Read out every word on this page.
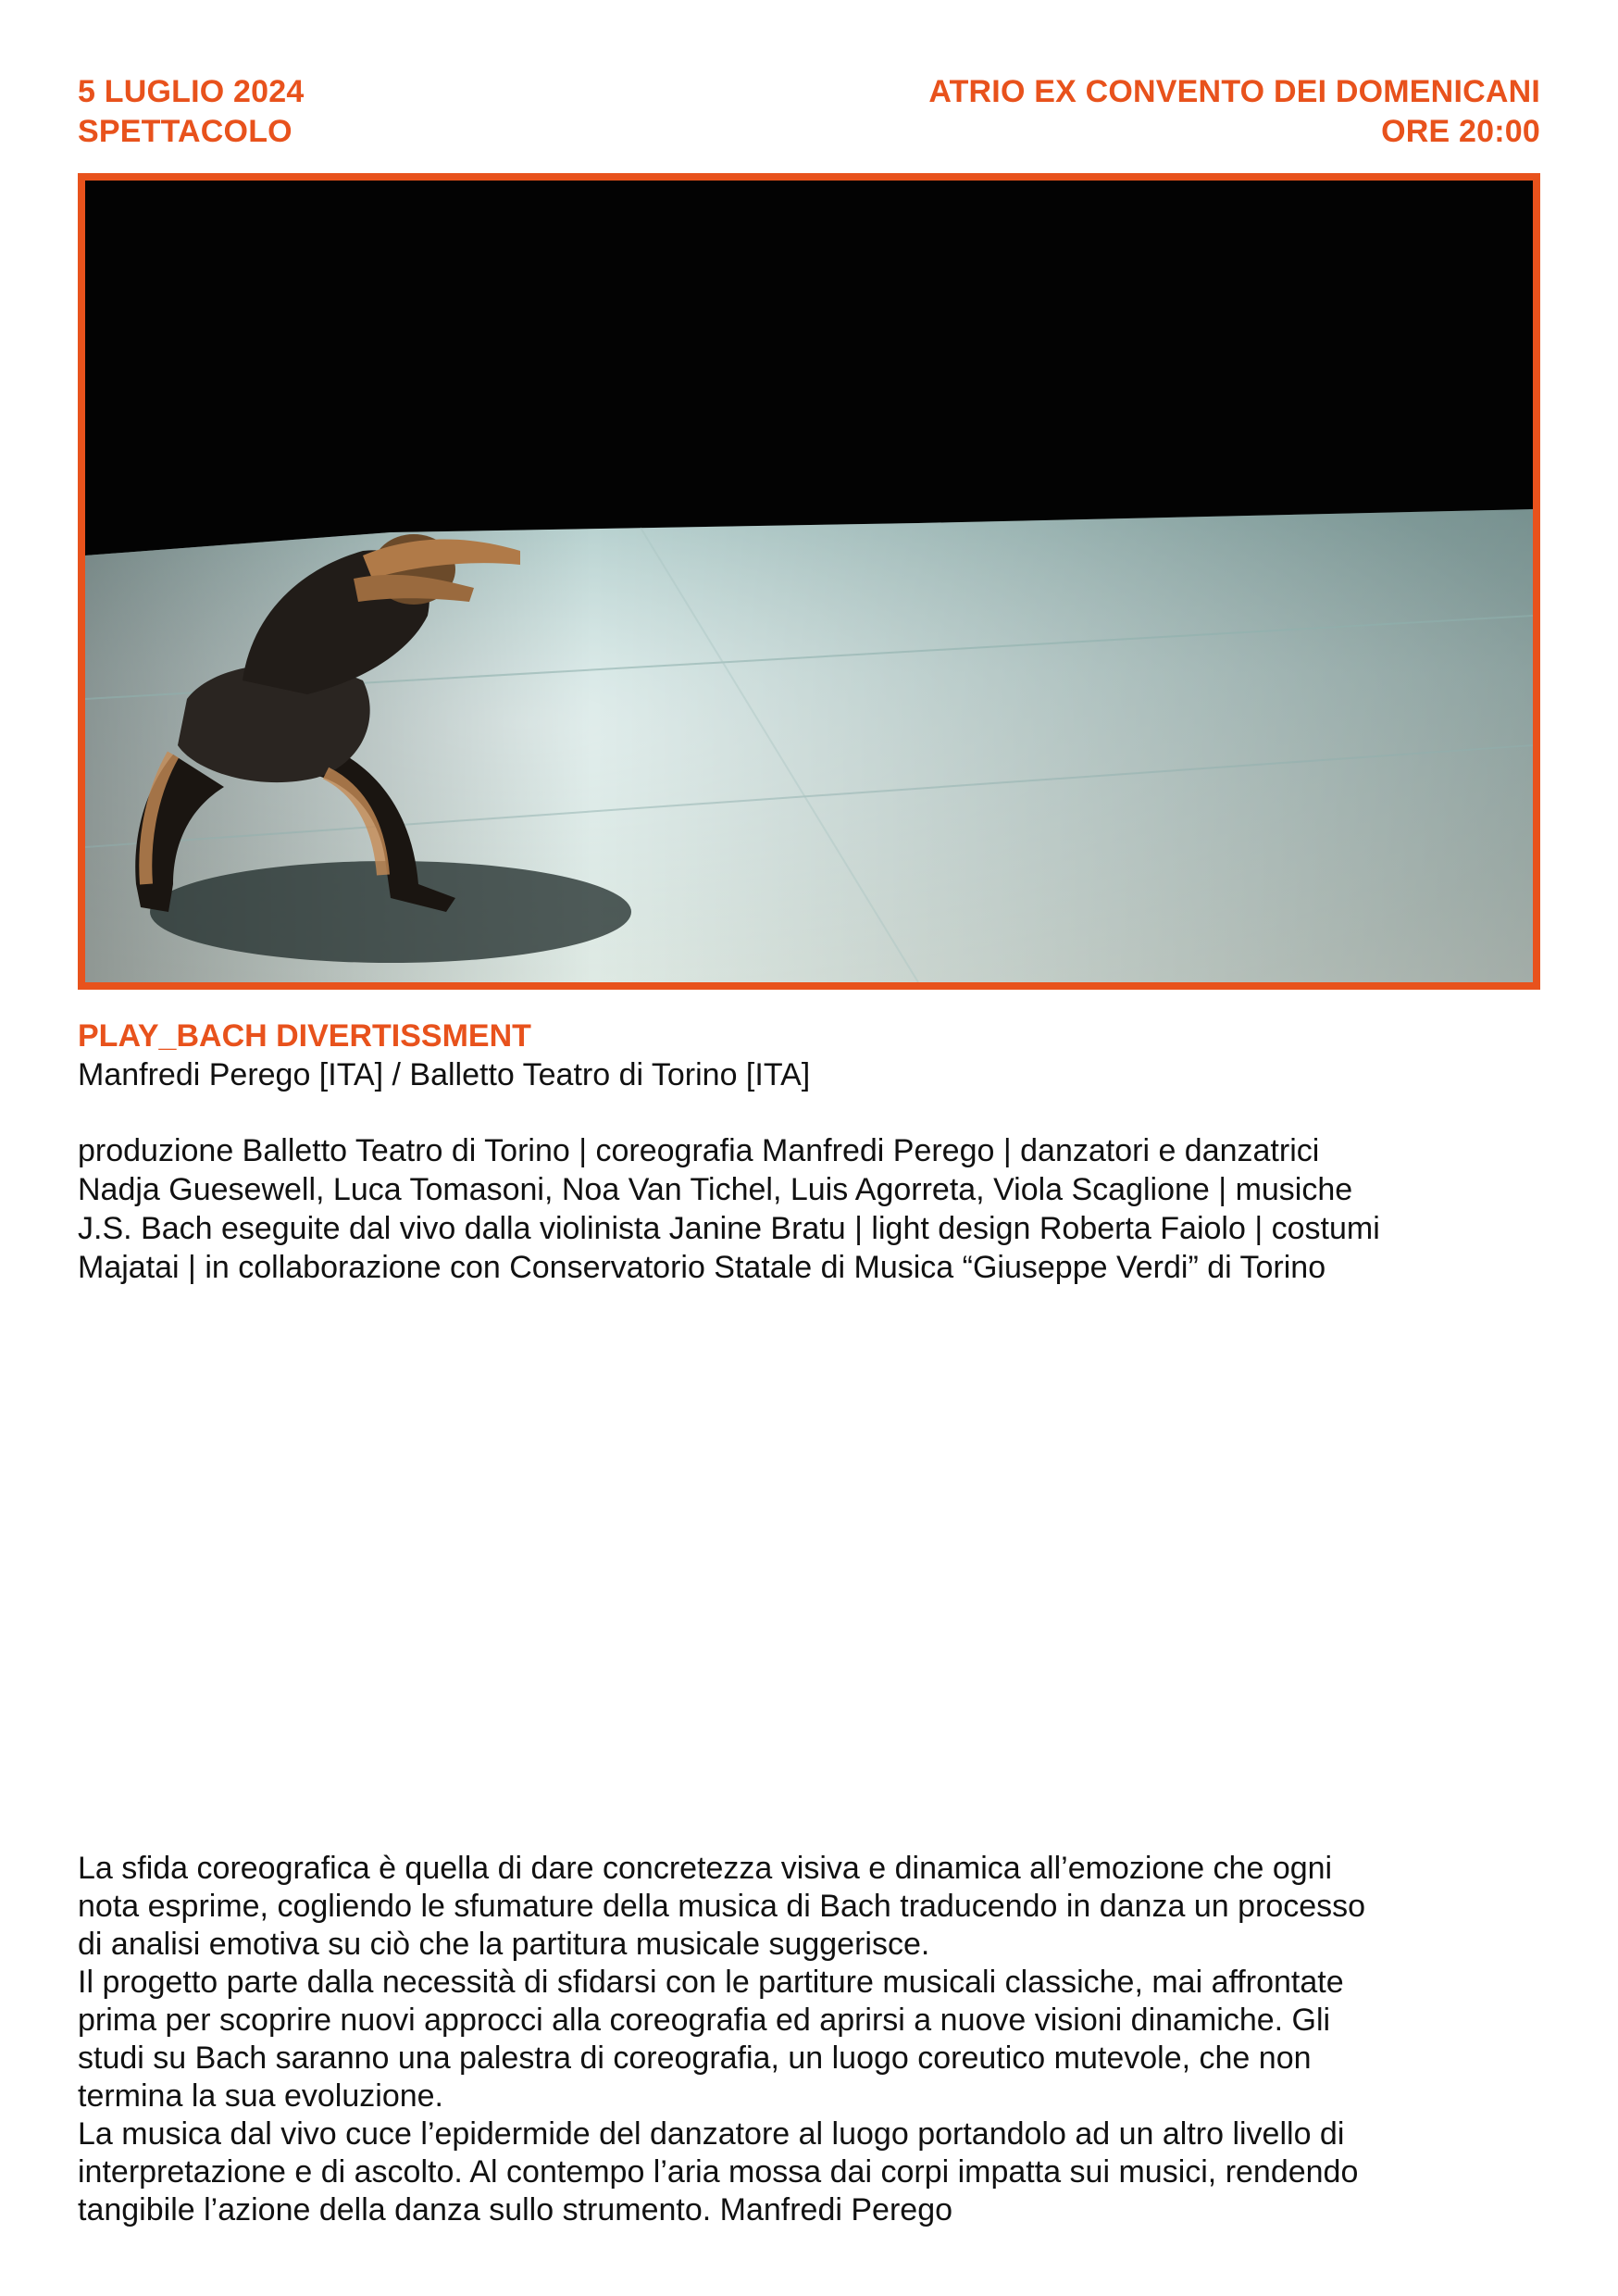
5 LUGLIO 2024
SPETTACOLO
ATRIO EX CONVENTO DEI DOMENICANI
ORE 20:00
PLAY_BACH DIVERTISSMENT
Manfredi Perego [ITA] / Balletto Teatro di Torino [ITA]

produzione Balletto Teatro di Torino | coreografia Manfredi Perego | danzatori e danzatrici
Nadja Guesewell, Luca Tomasoni, Noa Van Tichel, Luis Agorreta, Viola Scaglione | musiche
J.S. Bach eseguite dal vivo dalla violinista Janine Bratu | light design Roberta Faiolo | costumi
Majatai | in collaborazione con Conservatorio Statale di Musica “Giuseppe Verdi” di Torino

La sfida coreografica è quella di dare concretezza visiva e dinamica all’emozione che ogni
nota esprime, cogliendo le sfumature della musica di Bach traducendo in danza un processo
di analisi emotiva su ciò che la partitura musicale suggerisce.
Il progetto parte dalla necessità di sfidarsi con le partiture musicali classiche, mai affrontate
prima per scoprire nuovi approcci alla coreografia ed aprirsi a nuove visioni dinamiche. Gli
studi su Bach saranno una palestra di coreografia, un luogo coreutico mutevole, che non
termina la sua evoluzione.
La musica dal vivo cuce l’epidermide del danzatore al luogo portandolo ad un altro livello di
interpretazione e di ascolto. Al contempo l’aria mossa dai corpi impatta sui musici, rendendo
tangibile l’azione della danza sullo strumento. Manfredi Perego
